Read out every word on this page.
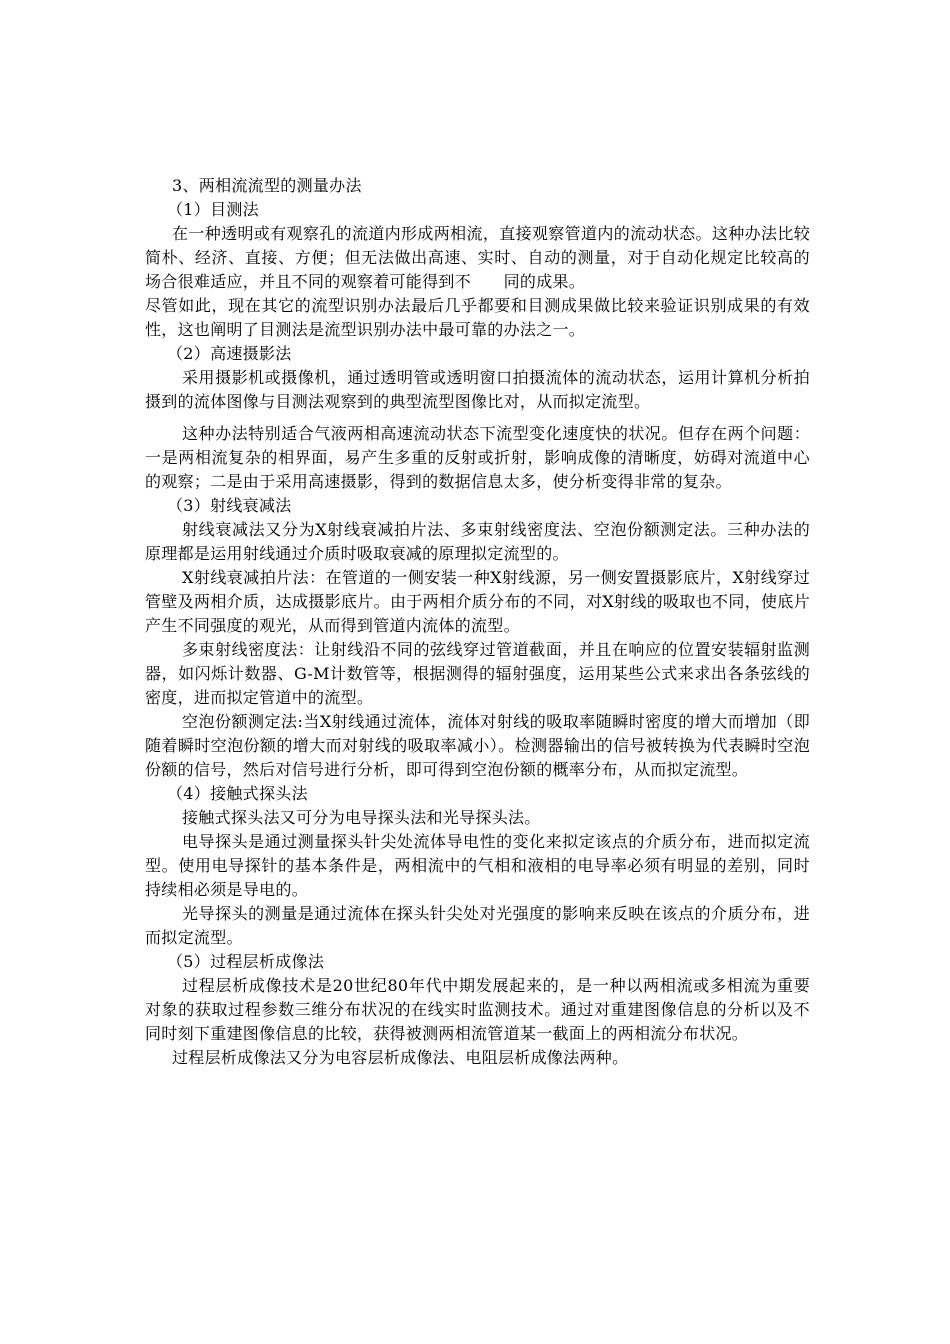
3、两相流流型的测量办法

（1）目测法

在一种透明或有观察孔的流道内形成两相流，直接观察管道内的流动状态。这种办法比较简朴、经济、直接、方便；但无法做出高速、实时、自动的测量，对于自动化规定比较高的场合很难适应，并且不同的观察着可能得到不　　同的成果。

尽管如此，现在其它的流型识别办法最后几乎都要和目测成果做比较来验证识别成果的有效性，这也阐明了目测法是流型识别办法中最可靠的办法之一。

（2）高速摄影法

采用摄影机或摄像机，通过透明管或透明窗口拍摄流体的流动状态，运用计算机分析拍摄到的流体图像与目测法观察到的典型流型图像比对，从而拟定流型。

这种办法特别适合气液两相高速流动状态下流型变化速度快的状况。但存在两个问题：一是两相流复杂的相界面，易产生多重的反射或折射，影响成像的清晰度，妨碍对流道中心的观察；二是由于采用高速摄影，得到的数据信息太多，使分析变得非常的复杂。

（3）射线衰减法

射线衰减法又分为X射线衰减拍片法、多束射线密度法、空泡份额测定法。三种办法的原理都是运用射线通过介质时吸取衰减的原理拟定流型的。

X射线衰减拍片法：在管道的一侧安装一种X射线源，另一侧安置摄影底片，X射线穿过管壁及两相介质，达成摄影底片。由于两相介质分布的不同，对X射线的吸取也不同，使底片产生不同强度的观光，从而得到管道内流体的流型。

多束射线密度法：让射线沿不同的弦线穿过管道截面，并且在响应的位置安装辐射监测器，如闪烁计数器、G-M计数管等，根据测得的辐射强度，运用某些公式来求出各条弦线的密度，进而拟定管道中的流型。

空泡份额测定法:当X射线通过流体，流体对射线的吸取率随瞬时密度的增大而增加（即随着瞬时空泡份额的增大而对射线的吸取率减小）。检测器输出的信号被转换为代表瞬时空泡份额的信号，然后对信号进行分析，即可得到空泡份额的概率分布，从而拟定流型。

（4）接触式探头法

接触式探头法又可分为电导探头法和光导探头法。

电导探头是通过测量探头针尖处流体导电性的变化来拟定该点的介质分布，进而拟定流型。使用电导探针的基本条件是，两相流中的气相和液相的电导率必须有明显的差别，同时持续相必须是导电的。

光导探头的测量是通过流体在探头针尖处对光强度的影响来反映在该点的介质分布，进而拟定流型。

（5）过程层析成像法

过程层析成像技术是20世纪80年代中期发展起来的，是一种以两相流或多相流为重要对象的获取过程参数三维分布状况的在线实时监测技术。通过对重建图像信息的分析以及不同时刻下重建图像信息的比较，获得被测两相流管道某一截面上的两相流分布状况。

过程层析成像法又分为电容层析成像法、电阻层析成像法两种。
